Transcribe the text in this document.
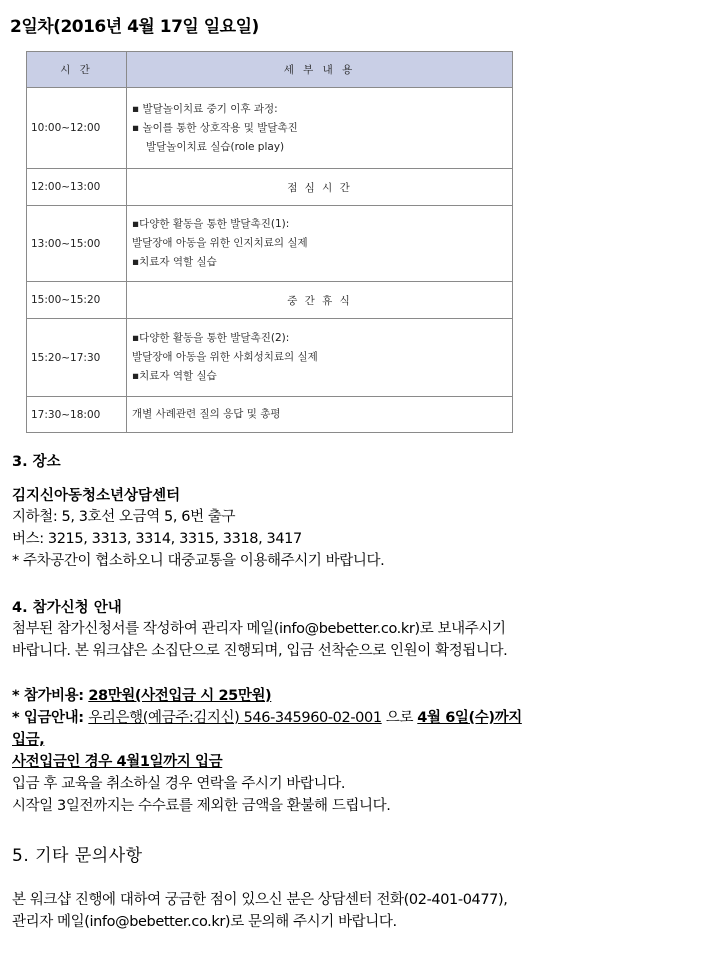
2일차(2016년 4월 17일 일요일)
시 간	세 부 내 용
10:00~12:00	▪ 발달놀이치료 중기 이후 과정:
▪ 놀이를 통한 상호작용 및 발달촉진
발달놀이치료 실습(role play)

12:00~13:00	점 심 시 간
13:00~15:00	▪다양한 활동을 통한 발달촉진(1):
발달장애 아동을 위한 인지치료의 실제
▪치료자 역할 실습

15:00~15:20	중 간 휴 식
15:20~17:30	▪다양한 활동을 통한 발달촉진(2):
발달장애 아동을 위한 사회성치료의 실제
▪치료자 역할 실습

17:30~18:00	개별 사례관련 질의 응답 및 총평
3. 장소
김지신아동청소년상담센터
지하철: 5, 3호선 오금역 5, 6번 출구
버스: 3215, 3313, 3314, 3315, 3318, 3417
* 주차공간이 협소하오니 대중교통을 이용해주시기 바랍니다.
4. 참가신청 안내
첨부된 참가신청서를 작성하여 관리자 메일(info@bebetter.co.kr)로 보내주시기
바랍니다. 본 워크샵은 소집단으로 진행되며, 입금 선착순으로 인원이 확정됩니다.
* 참가비용: 28만원(사전입금 시 25만원)
* 입금안내: 우리은행(예금주:김지신) 546-345960-02-001 으로 4월 6일(수)까지
입금,
사전입금인 경우 4월1일까지 입금
입금 후 교육을 취소하실 경우 연락을 주시기 바랍니다.
시작일 3일전까지는 수수료를 제외한 금액을 환불해 드립니다.
5. 기타 문의사항
본 워크샵 진행에 대하여 궁금한 점이 있으신 분은 상담센터 전화(02-401-0477),
관리자 메일(info@bebetter.co.kr)로 문의해 주시기 바랍니다.
